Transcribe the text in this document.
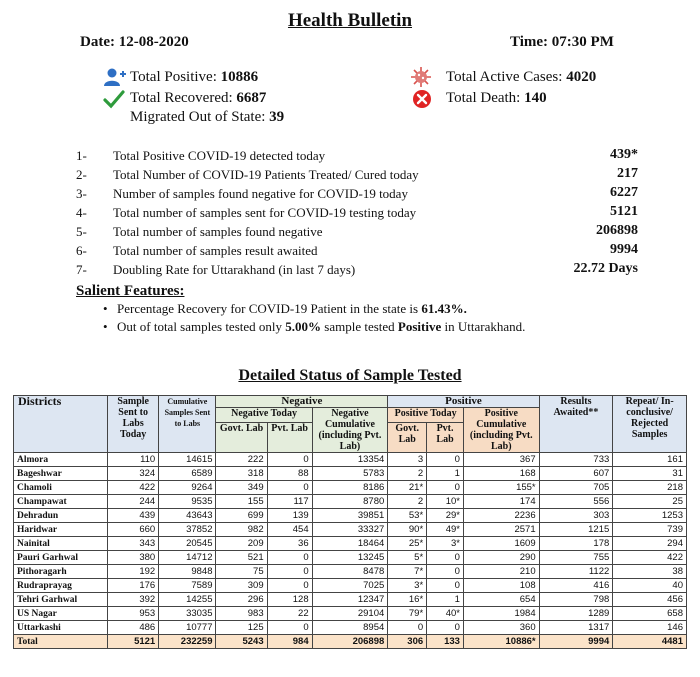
Health Bulletin
Date: 12-08-2020	Time: 07:30 PM
Total Positive: 10886
Total Recovered: 6687
Migrated Out of State: 39
Total Active Cases: 4020
Total Death: 140
1- Total Positive COVID-19 detected today	439*
2- Total Number of COVID-19 Patients Treated/ Cured today	217
3- Number of samples found negative for COVID-19 today	6227
4- Total number of samples sent for COVID-19 testing today	5121
5- Total number of samples found negative	206898
6- Total number of samples result awaited	9994
7- Doubling Rate for Uttarakhand (in last 7 days)	22.72 Days
Salient Features:
• Percentage Recovery for COVID-19 Patient in the state is 61.43%.
• Out of total samples tested only 5.00% sample tested Positive in Uttarakhand.
Detailed Status of Sample Tested
Districts	Sample Sent to Labs Today	Cumulative Samples Sent to Labs	Negative			Positive			Results Awaited**	Repeat/ In-conclusive/ Rejected Samples
			Negative Today		Negative Cumulative (including Pvt. Lab)	Positive Today		Positive Cumulative (including Pvt. Lab)		
			Govt. Lab	Pvt. Lab		Govt. Lab	Pvt. Lab			
Almora	110	14615	222	0	13354	3	0	367	733	161
Bageshwar	324	6589	318	88	5783	2	1	168	607	31
Chamoli	422	9264	349	0	8186	21*	0	155*	705	218
Champawat	244	9535	155	117	8780	2	10*	174	556	25
Dehradun	439	43643	699	139	39851	53*	29*	2236	303	1253
Haridwar	660	37852	982	454	33327	90*	49*	2571	1215	739
Nainital	343	20545	209	36	18464	25*	3*	1609	178	294
Pauri Garhwal	380	14712	521	0	13245	5*	0	290	755	422
Pithoragarh	192	9848	75	0	8478	7*	0	210	1122	38
Rudraprayag	176	7589	309	0	7025	3*	0	108	416	40
Tehri Garhwal	392	14255	296	128	12347	16*	1	654	798	456
US Nagar	953	33035	983	22	29104	79*	40*	1984	1289	658
Uttarkashi	486	10777	125	0	8954	0	0	360	1317	146
Total	5121	232259	5243	984	206898	306	133	10886*	9994	4481
